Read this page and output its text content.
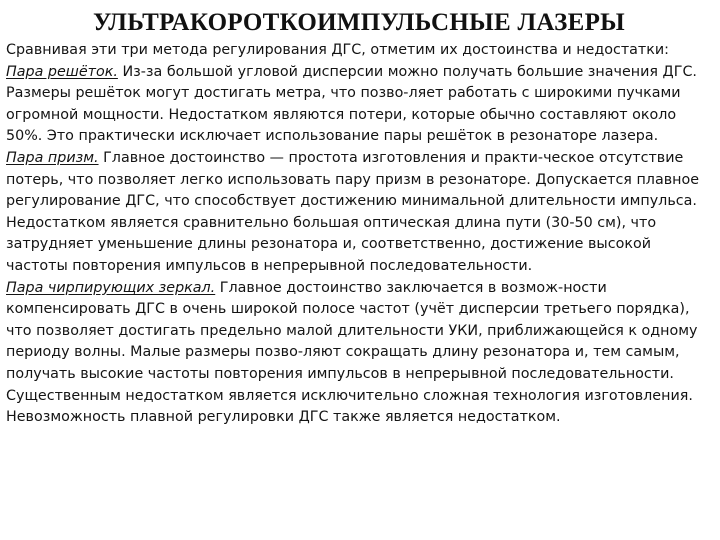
УЛЬТРАКОРОТКОИМПУЛЬСНЫЕ ЛАЗЕРЫ

Сравнивая эти три метода регулирования ДГС, отметим их достоинства и недостатки:

Пара решёток. Из-за большой угловой дисперсии можно получать большие значения ДГС. Размеры решёток могут достигать метра, что позво-ляет работать с широкими пучками огромной мощности. Недостатком являются потери, которые обычно составляют около 50%. Это практически исключает использование пары решёток в резонаторе лазера.

Пара призм. Главное достоинство — простота изготовления и практи-ческое отсутствие потерь, что позволяет легко использовать пару призм в резонаторе. Допускается плавное регулирование ДГС, что способствует достижению минимальной длительности импульса. Недостатком является сравнительно большая оптическая длина пути (30-50 см), что затрудняет уменьшение длины резонатора и, соответственно, достижение высокой частоты повторения импульсов в непрерывной последовательности.

Пара чирпирующих зеркал. Главное достоинство заключается в возмож-ности компенсировать ДГС в очень широкой полосе частот (учёт дисперсии третьего порядка), что позволяет достигать предельно малой длительности УКИ, приближающейся к одному периоду волны. Малые размеры позво-ляют сокращать длину резонатора и, тем самым, получать высокие частоты повторения импульсов в непрерывной последовательности. Существенным недостатком является исключительно сложная технология изготовления. Невозможность плавной регулировки ДГС также является недостатком.
